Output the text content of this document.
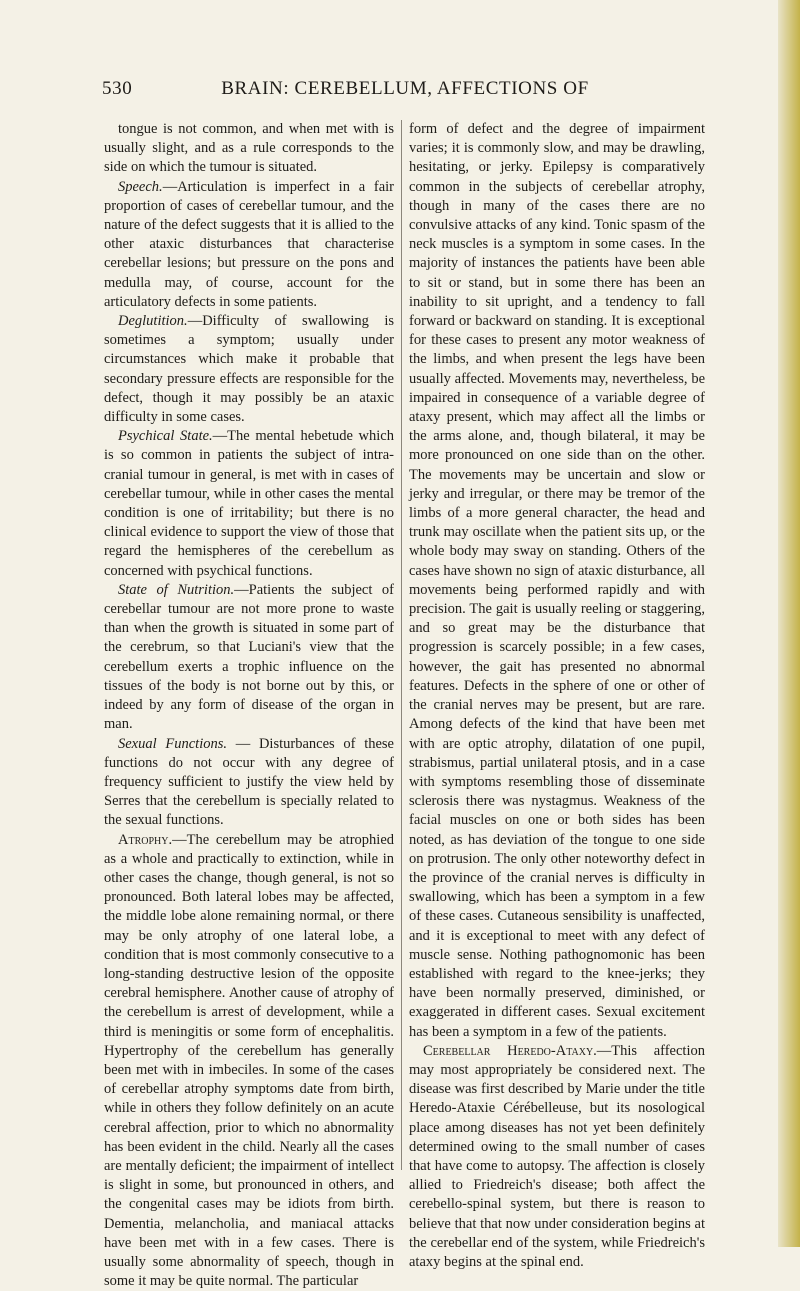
530	BRAIN: CEREBELLUM, AFFECTIONS OF

tongue is not common, and when met with is usually slight, and as a rule corresponds to the side on which the tumour is situated.

Speech.—Articulation is imperfect in a fair proportion of cases of cerebellar tumour, and the nature of the defect suggests that it is allied to the other ataxic disturbances that characterise cerebellar lesions; but pressure on the pons and medulla may, of course, account for the articulatory defects in some patients.

Deglutition.—Difficulty of swallowing is sometimes a symptom; usually under circumstances which make it probable that secondary pressure effects are responsible for the defect, though it may possibly be an ataxic difficulty in some cases.

Psychical State.—The mental hebetude which is so common in patients the subject of intra-cranial tumour in general, is met with in cases of cerebellar tumour, while in other cases the mental condition is one of irritability; but there is no clinical evidence to support the view of those that regard the hemispheres of the cerebellum as concerned with psychical functions.

State of Nutrition.—Patients the subject of cerebellar tumour are not more prone to waste than when the growth is situated in some part of the cerebrum, so that Luciani's view that the cerebellum exerts a trophic influence on the tissues of the body is not borne out by this, or indeed by any form of disease of the organ in man.

Sexual Functions. — Disturbances of these functions do not occur with any degree of frequency sufficient to justify the view held by Serres that the cerebellum is specially related to the sexual functions.

Atrophy.—The cerebellum may be atrophied as a whole and practically to extinction, while in other cases the change, though general, is not so pronounced. Both lateral lobes may be affected, the middle lobe alone remaining normal, or there may be only atrophy of one lateral lobe, a condition that is most commonly consecutive to a long-standing destructive lesion of the opposite cerebral hemisphere. Another cause of atrophy of the cerebellum is arrest of development, while a third is meningitis or some form of encephalitis. Hypertrophy of the cerebellum has generally been met with in imbeciles. In some of the cases of cerebellar atrophy symptoms date from birth, while in others they follow definitely on an acute cerebral affection, prior to which no abnormality has been evident in the child. Nearly all the cases are mentally deficient; the impairment of intellect is slight in some, but pronounced in others, and the congenital cases may be idiots from birth. Dementia, melancholia, and maniacal attacks have been met with in a few cases. There is usually some abnormality of speech, though in some it may be quite normal. The particular

form of defect and the degree of impairment varies; it is commonly slow, and may be drawling, hesitating, or jerky. Epilepsy is comparatively common in the subjects of cerebellar atrophy, though in many of the cases there are no convulsive attacks of any kind. Tonic spasm of the neck muscles is a symptom in some cases. In the majority of instances the patients have been able to sit or stand, but in some there has been an inability to sit upright, and a tendency to fall forward or backward on standing. It is exceptional for these cases to present any motor weakness of the limbs, and when present the legs have been usually affected. Movements may, nevertheless, be impaired in consequence of a variable degree of ataxy present, which may affect all the limbs or the arms alone, and, though bilateral, it may be more pronounced on one side than on the other. The movements may be uncertain and slow or jerky and irregular, or there may be tremor of the limbs of a more general character, the head and trunk may oscillate when the patient sits up, or the whole body may sway on standing. Others of the cases have shown no sign of ataxic disturbance, all movements being performed rapidly and with precision. The gait is usually reeling or staggering, and so great may be the disturbance that progression is scarcely possible; in a few cases, however, the gait has presented no abnormal features. Defects in the sphere of one or other of the cranial nerves may be present, but are rare. Among defects of the kind that have been met with are optic atrophy, dilatation of one pupil, strabismus, partial unilateral ptosis, and in a case with symptoms resembling those of disseminate sclerosis there was nystagmus. Weakness of the facial muscles on one or both sides has been noted, as has deviation of the tongue to one side on protrusion. The only other noteworthy defect in the province of the cranial nerves is difficulty in swallowing, which has been a symptom in a few of these cases. Cutaneous sensibility is unaffected, and it is exceptional to meet with any defect of muscle sense. Nothing pathognomonic has been established with regard to the knee-jerks; they have been normally preserved, diminished, or exaggerated in different cases. Sexual excitement has been a symptom in a few of the patients.

Cerebellar Heredo-Ataxy.—This affection may most appropriately be considered next. The disease was first described by Marie under the title Heredo-Ataxie Cérébelleuse, but its nosological place among diseases has not yet been definitely determined owing to the small number of cases that have come to autopsy. The affection is closely allied to Friedreich's disease; both affect the cerebello-spinal system, but there is reason to believe that that now under consideration begins at the cerebellar end of the system, while Friedreich's ataxy begins at the spinal end.
